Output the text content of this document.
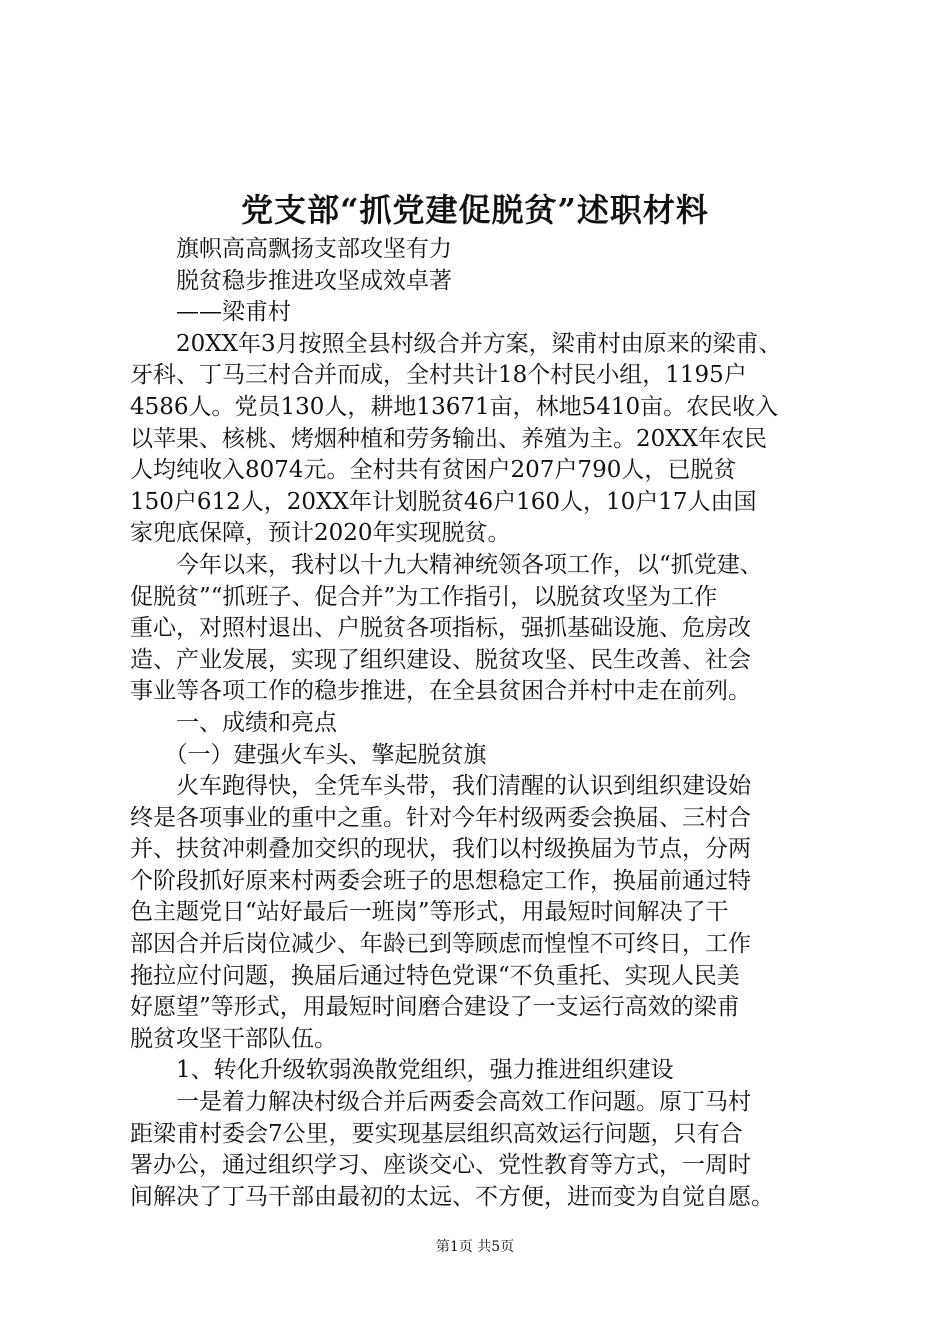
党支部“抓党建促脱贫”述职材料
　　旗帜高高飘扬支部攻坚有力
　　脱贫稳步推进攻坚成效卓著
　　——梁甫村
　　20XX年3月按照全县村级合并方案，梁甫村由原来的梁甫、
牙科、丁马三村合并而成，全村共计18个村民小组，1195户
4586人。党员130人，耕地13671亩，林地5410亩。农民收入
以苹果、核桃、烤烟种植和劳务输出、养殖为主。20XX年农民
人均纯收入8074元。全村共有贫困户207户790人，已脱贫
150户612人，20XX年计划脱贫46户160人，10户17人由国
家兜底保障，预计2020年实现脱贫。
　　今年以来，我村以十九大精神统领各项工作，以“抓党建、
促脱贫”“抓班子、促合并”为工作指引，以脱贫攻坚为工作
重心，对照村退出、户脱贫各项指标，强抓基础设施、危房改
造、产业发展，实现了组织建设、脱贫攻坚、民生改善、社会
事业等各项工作的稳步推进，在全县贫困合并村中走在前列。
　　一、成绩和亮点
　　（一）建强火车头、擎起脱贫旗
　　火车跑得快，全凭车头带，我们清醒的认识到组织建设始
终是各项事业的重中之重。针对今年村级两委会换届、三村合
并、扶贫冲刺叠加交织的现状，我们以村级换届为节点，分两
个阶段抓好原来村两委会班子的思想稳定工作，换届前通过特
色主题党日“站好最后一班岗”等形式，用最短时间解决了干
部因合并后岗位减少、年龄已到等顾虑而惶惶不可终日，工作
拖拉应付问题，换届后通过特色党课“不负重托、实现人民美
好愿望”等形式，用最短时间磨合建设了一支运行高效的梁甫
脱贫攻坚干部队伍。
　　1、转化升级软弱涣散党组织，强力推进组织建设
　　一是着力解决村级合并后两委会高效工作问题。原丁马村
距梁甫村委会7公里，要实现基层组织高效运行问题，只有合
署办公，通过组织学习、座谈交心、党性教育等方式，一周时
间解决了丁马干部由最初的太远、不方便，进而变为自觉自愿。
第1页 共5页
